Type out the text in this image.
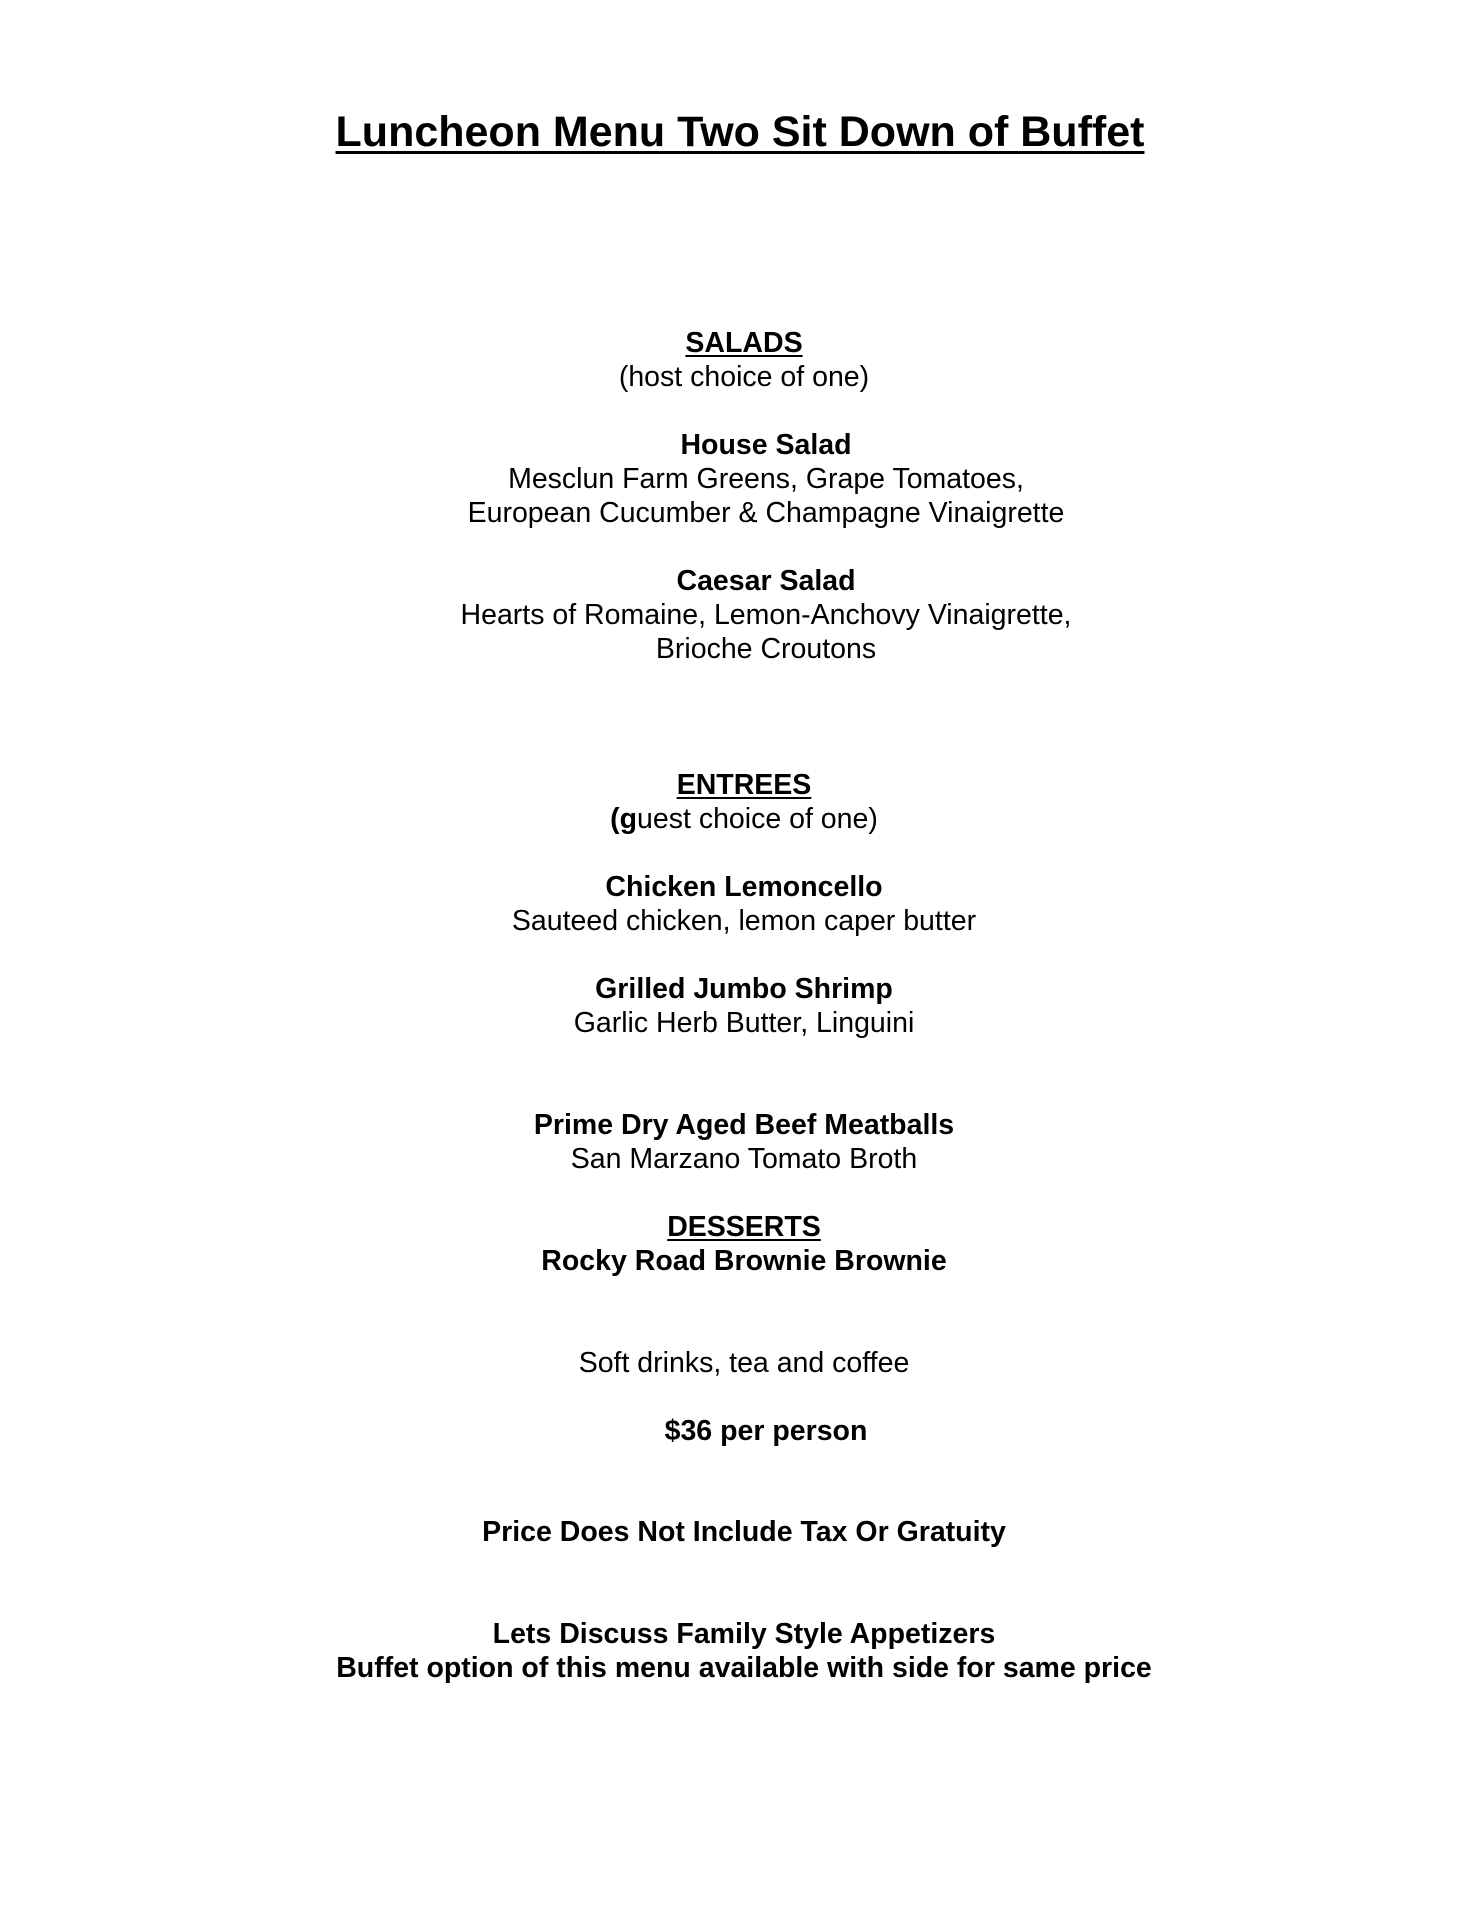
Luncheon Menu Two Sit Down of Buffet
SALADS
(host choice of one)
House Salad
Mesclun Farm Greens, Grape Tomatoes,
European Cucumber & Champagne Vinaigrette
Caesar Salad
Hearts of Romaine, Lemon-Anchovy Vinaigrette,
Brioche Croutons
ENTREES
(guest choice of one)
Chicken Lemoncello
Sauteed chicken, lemon caper butter
Grilled Jumbo Shrimp
Garlic Herb Butter, Linguini
Prime Dry Aged Beef Meatballs
San Marzano Tomato Broth
DESSERTS
Rocky Road Brownie Brownie
Soft drinks, tea and coffee
$36 per person
Price Does Not Include Tax Or Gratuity
Lets Discuss Family Style Appetizers
Buffet option of this menu available with side for same price
